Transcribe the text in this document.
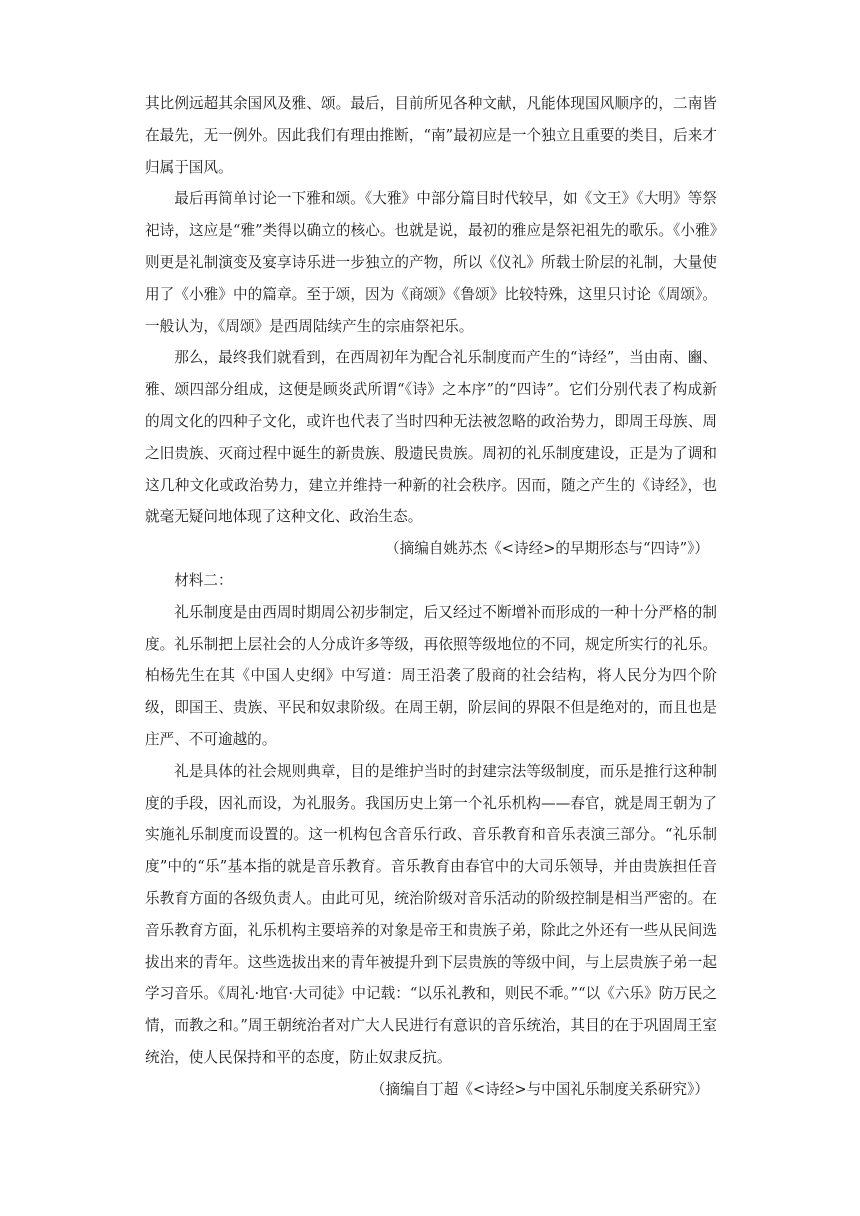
其比例远超其余国风及雅、颂。最后，目前所见各种文献，凡能体现国风顺序的，二南皆在最先，无一例外。因此我们有理由推断，“南”最初应是一个独立且重要的类目，后来才归属于国风。

最后再简单讨论一下雅和颂。《大雅》中部分篇目时代较早，如《文王》《大明》等祭祀诗，这应是“雅”类得以确立的核心。也就是说，最初的雅应是祭祀祖先的歌乐。《小雅》则更是礼制演变及宴享诗乐进一步独立的产物，所以《仪礼》所载士阶层的礼制，大量使用了《小雅》中的篇章。至于颂，因为《商颂》《鲁颂》比较特殊，这里只讨论《周颂》。一般认为，《周颂》是西周陆续产生的宗庙祭祀乐。

那么，最终我们就看到，在西周初年为配合礼乐制度而产生的“诗经”，当由南、豳、雅、颂四部分组成，这便是顾炎武所谓“《诗》之本序”的“四诗”。它们分别代表了构成新的周文化的四种子文化，或许也代表了当时四种无法被忽略的政治势力，即周王母族、周之旧贵族、灭商过程中诞生的新贵族、殷遗民贵族。周初的礼乐制度建设，正是为了调和这几种文化或政治势力，建立并维持一种新的社会秩序。因而，随之产生的《诗经》，也就毫无疑问地体现了这种文化、政治生态。

（摘编自姚苏杰《<诗经>的早期形态与“四诗”》）

材料二：

礼乐制度是由西周时期周公初步制定，后又经过不断增补而形成的一种十分严格的制度。礼乐制把上层社会的人分成许多等级，再依照等级地位的不同，规定所实行的礼乐。柏杨先生在其《中国人史纲》中写道：周王沿袭了殷商的社会结构，将人民分为四个阶级，即国王、贵族、平民和奴隶阶级。在周王朝，阶层间的界限不但是绝对的，而且也是庄严、不可逾越的。

礼是具体的社会规则典章，目的是维护当时的封建宗法等级制度，而乐是推行这种制度的手段，因礼而设，为礼服务。我国历史上第一个礼乐机构——春官，就是周王朝为了实施礼乐制度而设置的。这一机构包含音乐行政、音乐教育和音乐表演三部分。“礼乐制度”中的“乐”基本指的就是音乐教育。音乐教育由春官中的大司乐领导，并由贵族担任音乐教育方面的各级负责人。由此可见，统治阶级对音乐活动的阶级控制是相当严密的。在音乐教育方面，礼乐机构主要培养的对象是帝王和贵族子弟，除此之外还有一些从民间选拔出来的青年。这些选拔出来的青年被提升到下层贵族的等级中间，与上层贵族子弟一起学习音乐。《周礼·地官·大司徒》中记载：“以乐礼教和，则民不乖。”“以《六乐》防万民之情，而教之和。”周王朝统治者对广大人民进行有意识的音乐统治，其目的在于巩固周王室统治，使人民保持和平的态度，防止奴隶反抗。

（摘编自丁超《<诗经>与中国礼乐制度关系研究》）
